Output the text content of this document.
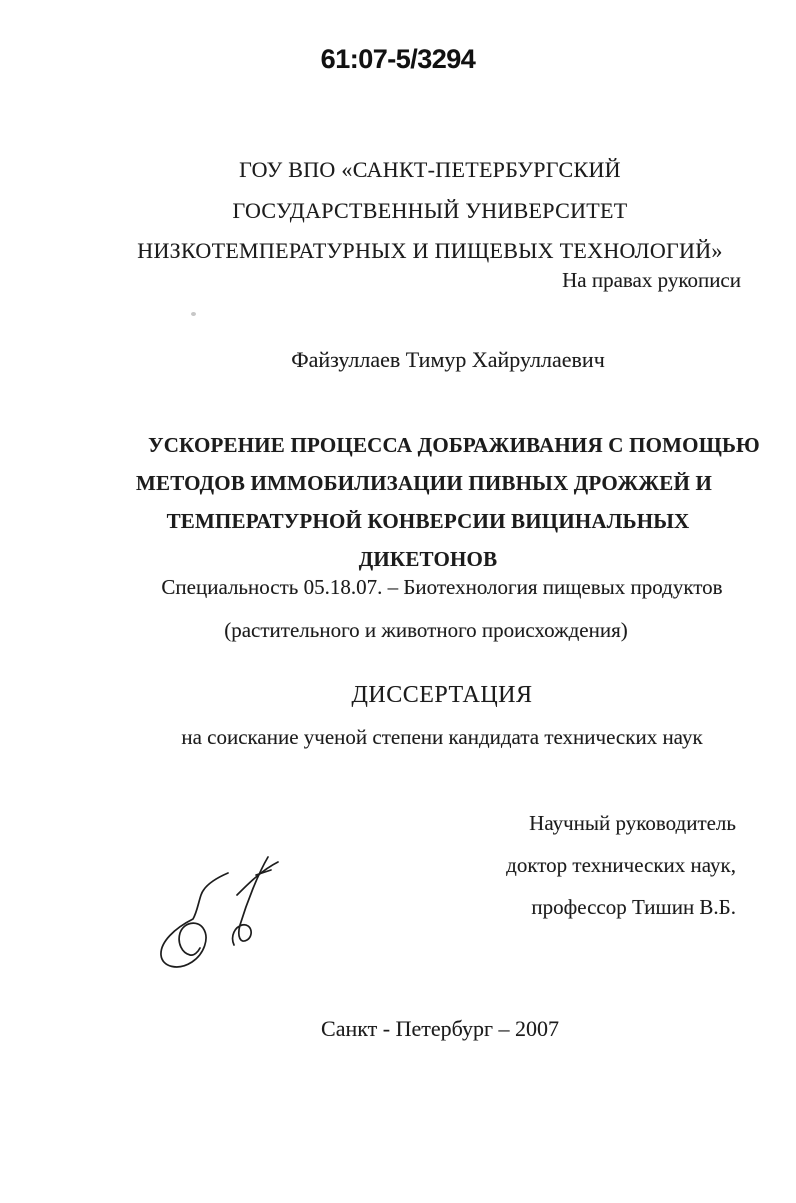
61:07-5/3294
ГОУ ВПО «САНКТ-ПЕТЕРБУРГСКИЙ
ГОСУДАРСТВЕННЫЙ УНИВЕРСИТЕТ
НИЗКОТЕМПЕРАТУРНЫХ И ПИЩЕВЫХ ТЕХНОЛОГИЙ»
На правах рукописи
Файзуллаев Тимур Хайруллаевич
УСКОРЕНИЕ ПРОЦЕССА ДОБРАЖИВАНИЯ С ПОМОЩЬЮ
МЕТОДОВ ИММОБИЛИЗАЦИИ ПИВНЫХ ДРОЖЖЕЙ И
ТЕМПЕРАТУРНОЙ КОНВЕРСИИ ВИЦИНАЛЬНЫХ ДИКЕТОНОВ
Специальность 05.18.07. – Биотехнология пищевых продуктов
(растительного и животного происхождения)
ДИССЕРТАЦИЯ
на соискание ученой степени кандидата технических наук
Научный руководитель
доктор технических наук,
профессор Тишин В.Б.
Санкт - Петербург – 2007
